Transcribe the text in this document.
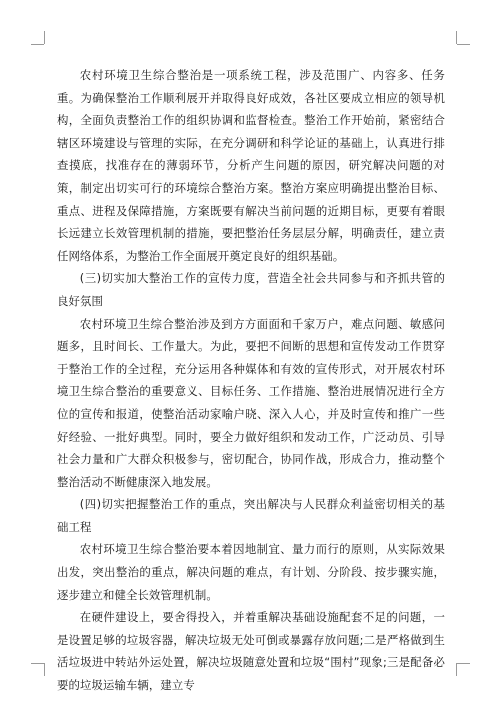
农村环境卫生综合整治是一项系统工程，涉及范围广、内容多、任务重。为确保整治工作顺利展开并取得良好成效，各社区要成立相应的领导机构，全面负责整治工作的组织协调和监督检查。整治工作开始前，紧密结合辖区环境建设与管理的实际，在充分调研和科学论证的基础上，认真进行排查摸底，找准存在的薄弱环节，分析产生问题的原因，研究解决问题的对策，制定出切实可行的环境综合整治方案。整治方案应明确提出整治目标、重点、进程及保障措施，方案既要有解决当前问题的近期目标，更要有着眼长远建立长效管理机制的措施，要把整治任务层层分解，明确责任，建立责任网络体系，为整治工作全面展开奠定良好的组织基础。

(三)切实加大整治工作的宣传力度，营造全社会共同参与和齐抓共管的良好氛围

农村环境卫生综合整治涉及到方方面面和千家万户，难点问题、敏感问题多，且时间长、工作量大。为此，要把不间断的思想和宣传发动工作贯穿于整治工作的全过程，充分运用各种媒体和有效的宣传形式，对开展农村环境卫生综合整治的重要意义、目标任务、工作措施、整治进展情况进行全方位的宣传和报道，使整治活动家喻户晓、深入人心，并及时宣传和推广一些好经验、一批好典型。同时，要全力做好组织和发动工作，广泛动员、引导社会力量和广大群众积极参与，密切配合，协同作战，形成合力，推动整个整治活动不断健康深入地发展。

(四)切实把握整治工作的重点，突出解决与人民群众利益密切相关的基础工程

农村环境卫生综合整治要本着因地制宜、量力而行的原则，从实际效果出发，突出整治的重点，解决问题的难点，有计划、分阶段、按步骤实施，逐步建立和健全长效管理机制。

在硬件建设上，要舍得投入，并着重解决基础设施配套不足的问题，一是设置足够的垃圾容器，解决垃圾无处可倒或暴露存放问题;二是严格做到生活垃圾进中转站外运处置，解决垃圾随意处置和垃圾“围村”现象;三是配备必要的垃圾运输车辆，建立专
